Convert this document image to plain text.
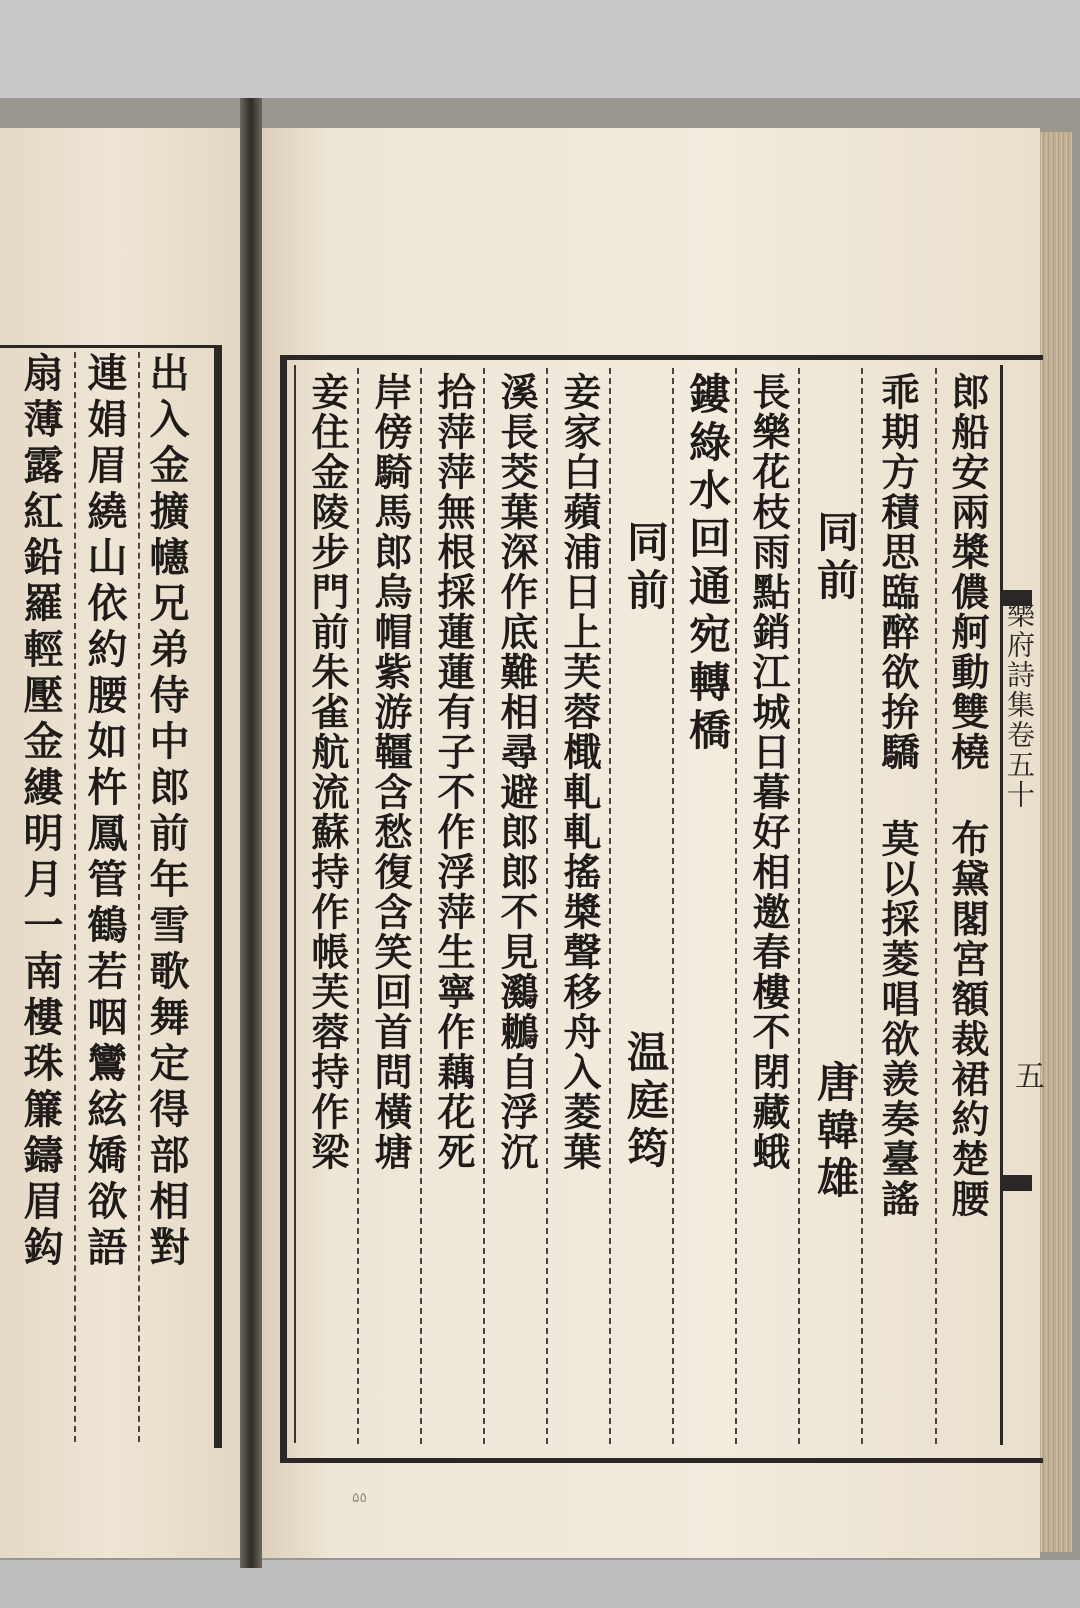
出入金擴幰兄弟侍中郎前年雪歌舞定得部相對
連娟眉繞山依約腰如杵鳳管鶴若咽鸞絃嬌欲語
扇薄露紅鉛羅輕壓金縷明月一南樓珠簾鑄眉鈎	樂府詩集卷五十
五
郎船安兩槳儂舸動雙橈 布黛閣宮額裁裙約楚腰
乖期方積思臨醉欲拚驕 莫以採菱唱欲羨奏臺謠
同前
唐韓雄
長樂花枝雨點銷江城日暮好相邀春樓不閉藏蛾
鏤綠水回通宛轉橋
同前
温庭筠
妾家白蘋浦日上芙蓉檝軋軋搖槳聲移舟入菱葉
溪長茭葉深作底難相尋避郎郎不見鸂鶒自浮沉
拾萍萍無根採蓮蓮有子不作浮萍生寧作藕花死
岸傍騎馬郎烏帽紫游韁含愁復含笑回首問橫塘
妾住金陵步門前朱雀航流蘇持作帳芙蓉持作梁
۵٥
